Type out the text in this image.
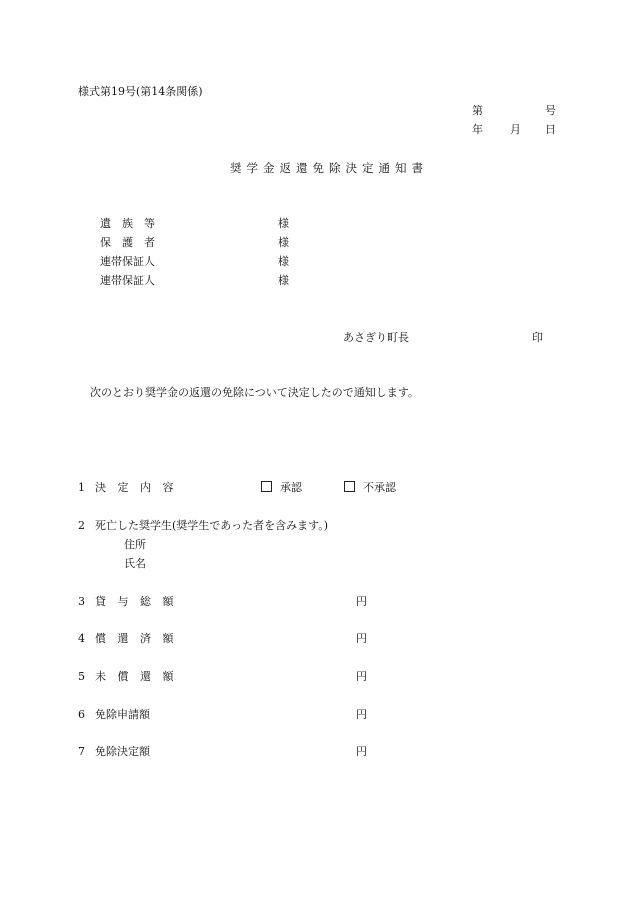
様式第19号(第14条関係)
第	号
年 月 日
奨学金返還免除決定通知書
遺　族　等	様
保　護　者	様
連帯保証人	様
連帯保証人	様
あさぎり町長	印
次のとおり奨学金の返還の免除について決定したので通知します。
1 決 定 内 容	承認	不承認
2 死亡した奨学生(奨学生であった者を含みます。)
住所
氏名
3 貸 与 総 額	円
4 償 還 済 額	円
5 未 償 還 額	円
6 免除申請額	円
7 免除決定額	円
